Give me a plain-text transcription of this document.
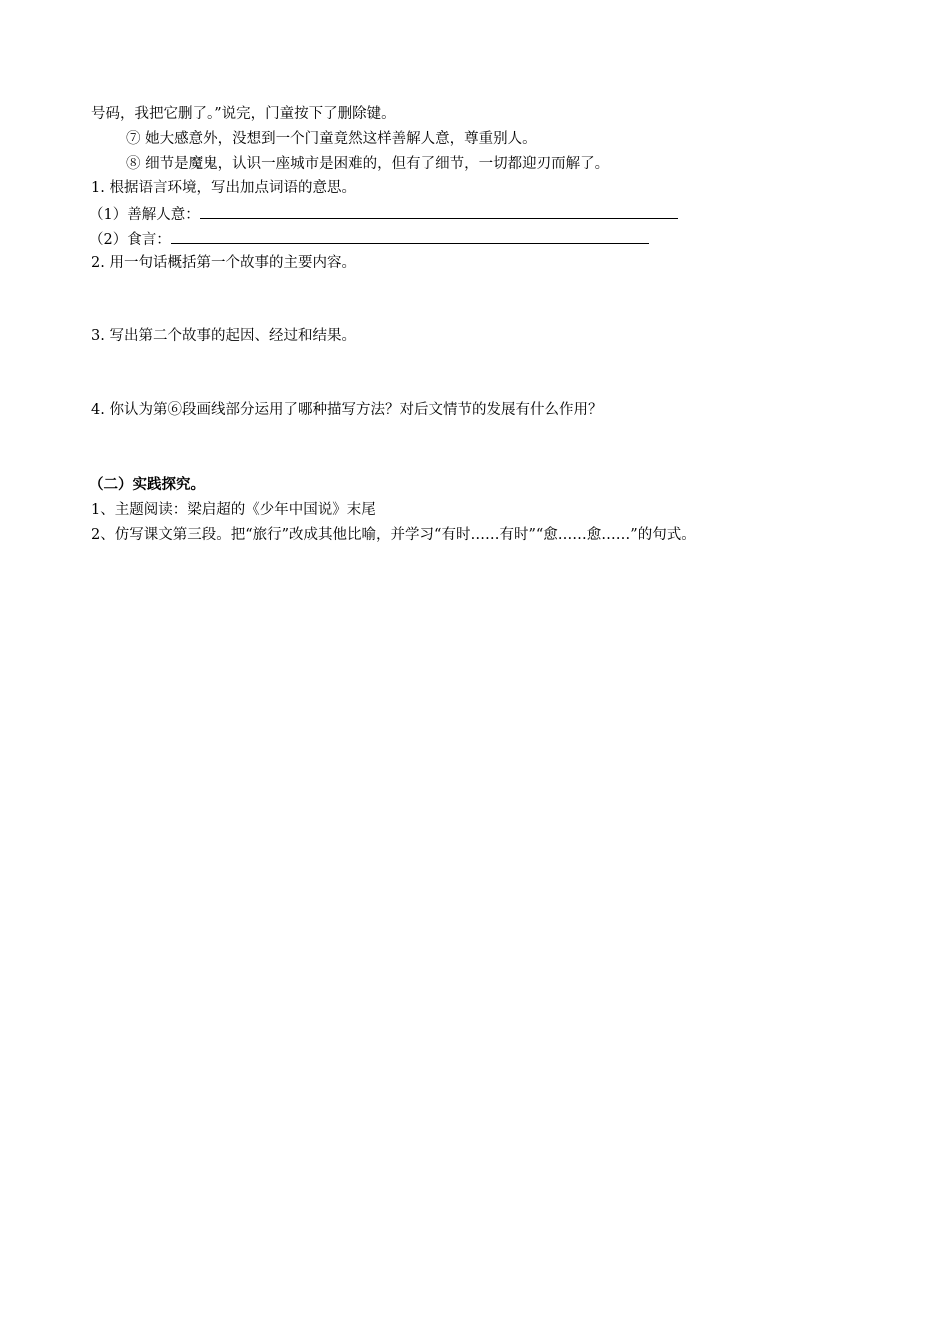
号码，我把它删了。”说完，门童按下了删除键。
⑦ 她大感意外，没想到一个门童竟然这样善解人意，尊重别人。
⑧ 细节是魔鬼，认识一座城市是困难的，但有了细节，一切都迎刃而解了。
1. 根据语言环境，写出加点词语的意思。
（1）善解人意：
（2）食言：
2. 用一句话概括第一个故事的主要内容。
3. 写出第二个故事的起因、经过和结果。
4. 你认为第⑥段画线部分运用了哪种描写方法？对后文情节的发展有什么作用？
（二）实践探究。
1、主题阅读：梁启超的《少年中国说》末尾
2、仿写课文第三段。把“旅行”改成其他比喻，并学习“有时……有时”“愈……愈……”的句式。
